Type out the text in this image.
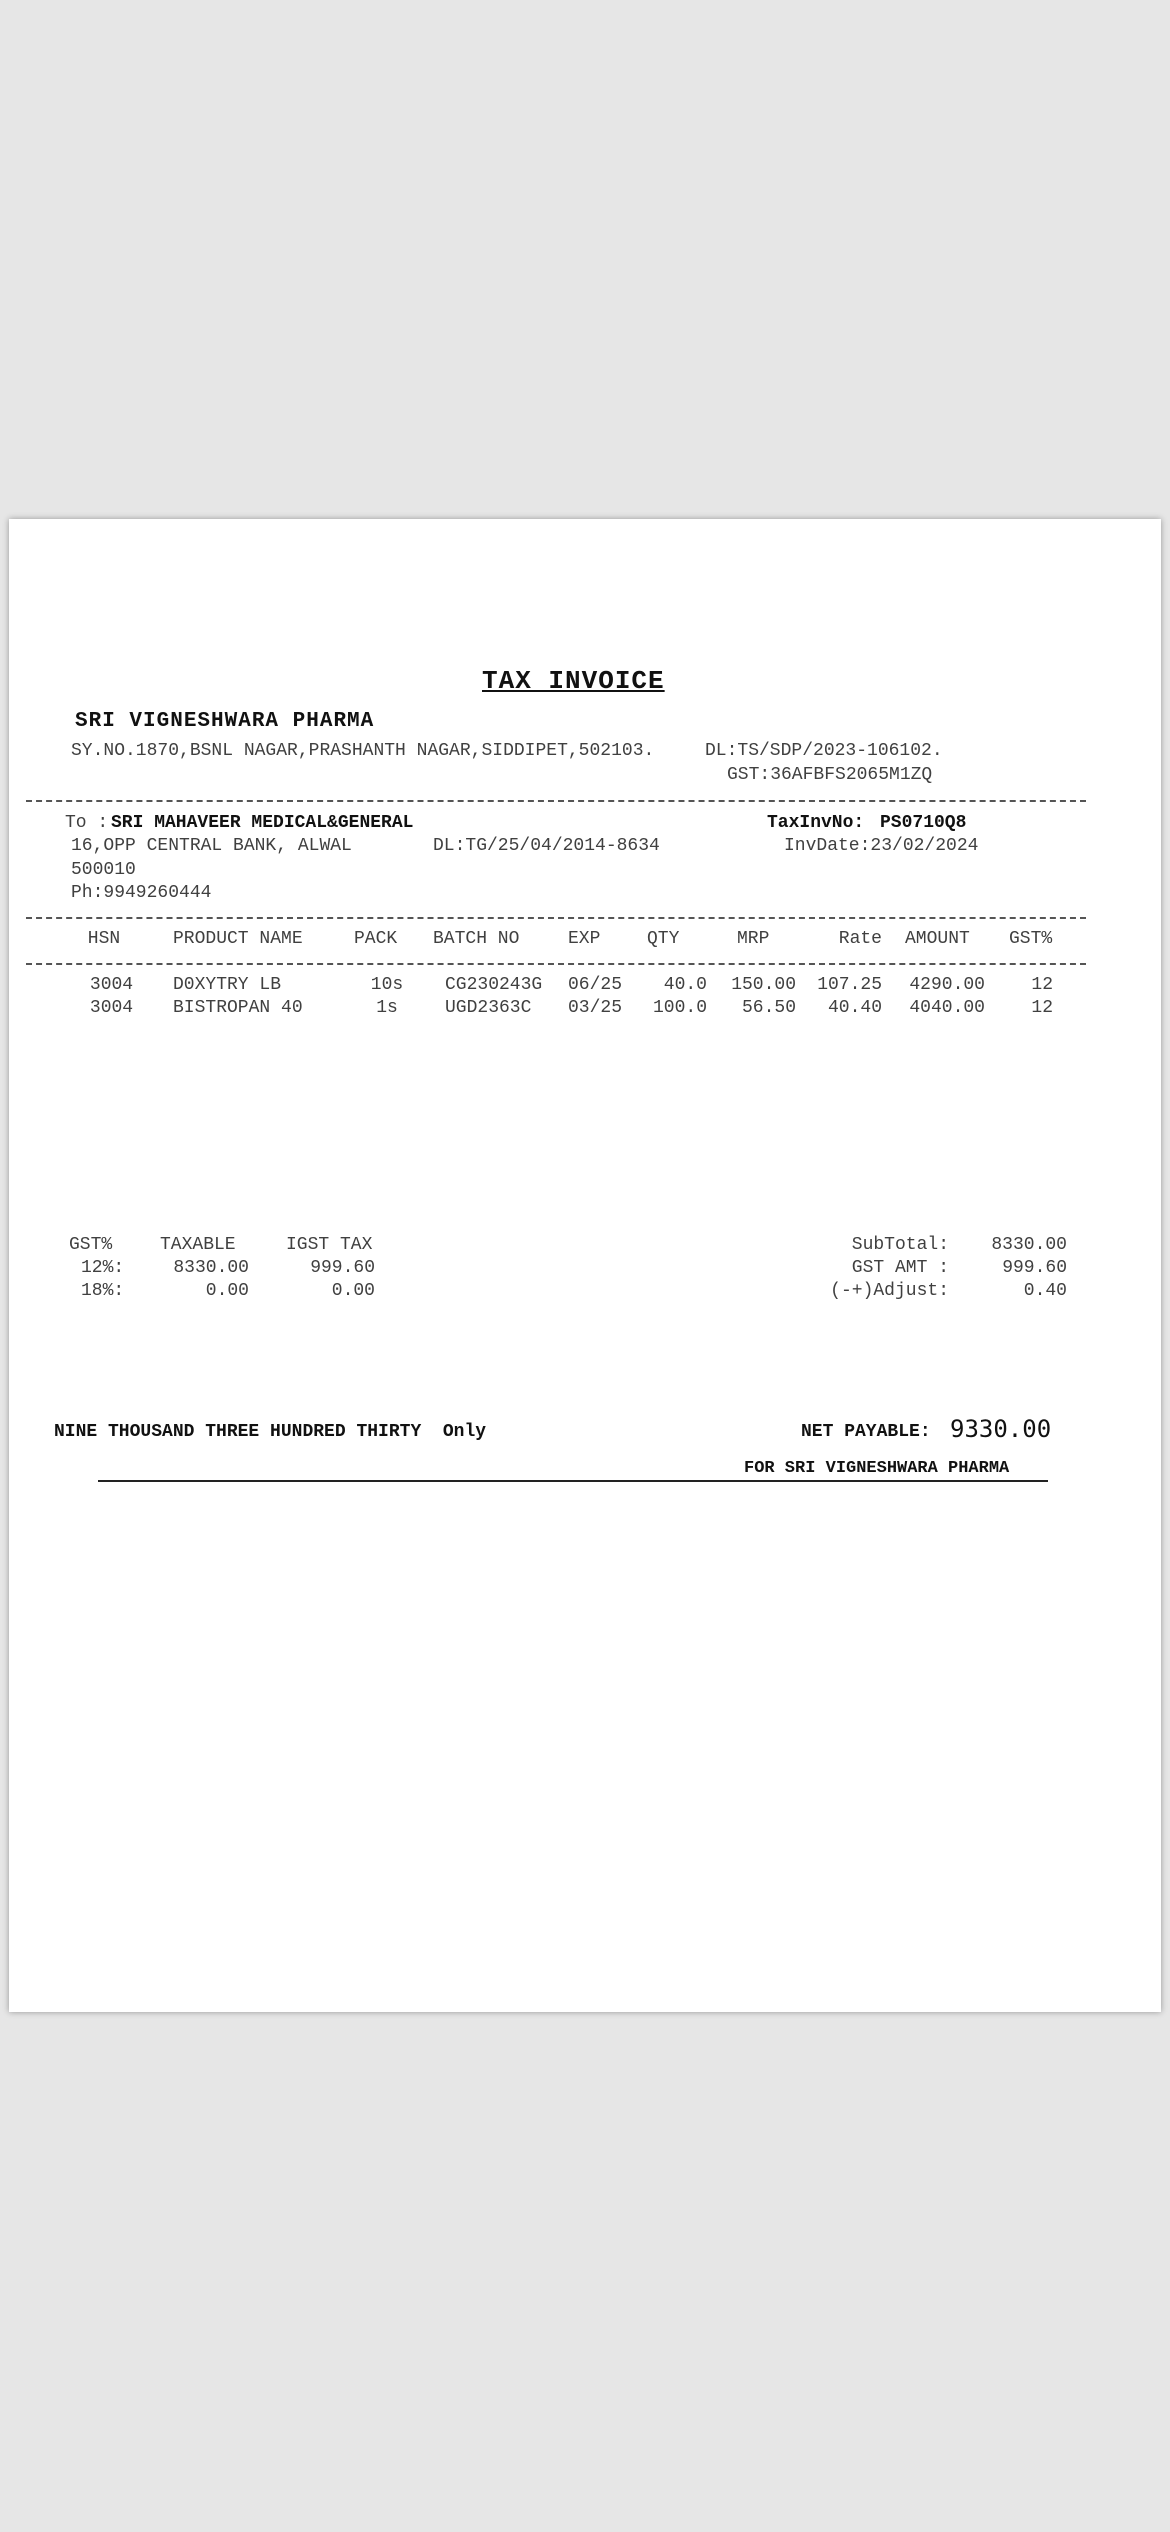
TAX INVOICE
SRI VIGNESHWARA PHARMA
SY.NO.1870,BSNL NAGAR,PRASHANTH NAGAR,SIDDIPET,502103.	DL:TS/SDP/2023-106102.
GST:36AFBFS2065M1ZQ
To : SRI MAHAVEER MEDICAL&GENERAL	TaxInvNo: PS0710Q8
16,OPP CENTRAL BANK, ALWAL	DL:TG/25/04/2014-8634	InvDate:23/02/2024
500010
Ph:9949260444
HSN	PRODUCT NAME	PACK BATCH NO	EXP	QTY	MRP	Rate AMOUNT GST%
3004	D0XYTRY LB	10s	CG230243G 06/25	40.0	150.00	107.25	4290.00	12
3004	BISTROPAN 40	1s	UGD2363C 03/25	100.0	56.50	40.40	4040.00	12
GST%	TAXABLE	IGST TAX
12%:	8330.00	999.60
18%:	0.00	0.00
SubTotal:	8330.00
GST AMT :	999.60
(-+)Adjust:	0.40
NINE THOUSAND THREE HUNDRED THIRTY  Only	NET PAYABLE: 9330.00
FOR SRI VIGNESHWARA PHARMA
